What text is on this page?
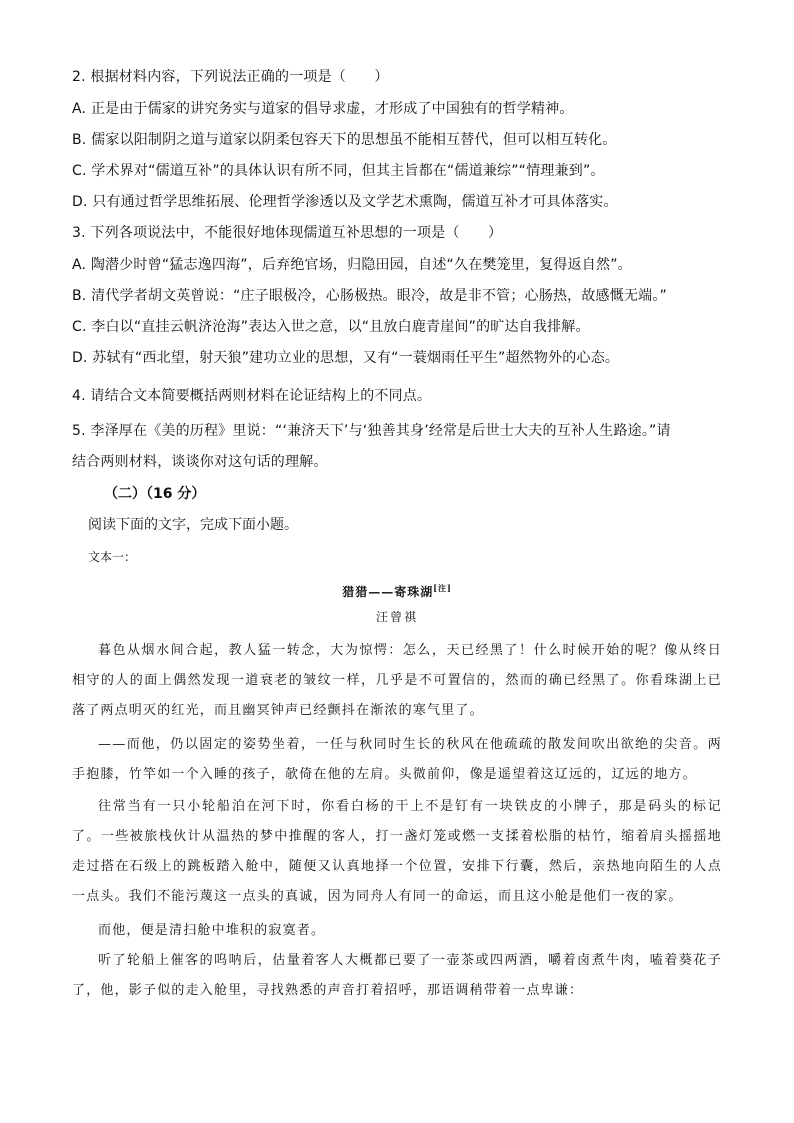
2. 根据材料内容，下列说法正确的一项是（　　）
A. 正是由于儒家的讲究务实与道家的倡导求虚，才形成了中国独有的哲学精神。
B. 儒家以阳制阴之道与道家以阴柔包容天下的思想虽不能相互替代，但可以相互转化。
C. 学术界对“儒道互补”的具体认识有所不同，但其主旨都在“儒道兼综”“情理兼到”。
D. 只有通过哲学思维拓展、伦理哲学渗透以及文学艺术熏陶，儒道互补才可具体落实。
3. 下列各项说法中，不能很好地体现儒道互补思想的一项是（　　）
A. 陶潜少时曾“猛志逸四海”，后弃绝官场，归隐田园，自述“久在樊笼里，复得返自然”。
B. 清代学者胡文英曾说：“庄子眼极冷，心肠极热。眼冷，故是非不管；心肠热，故感慨无端。”
C. 李白以“直挂云帆济沧海”表达入世之意，以“且放白鹿青崖间”的旷达自我排解。
D. 苏轼有“西北望，射天狼”建功立业的思想，又有“一蓑烟雨任平生”超然物外的心态。
4. 请结合文本简要概括两则材料在论证结构上的不同点。
5. 李泽厚在《美的历程》里说：“‘兼济天下’与‘独善其身’经常是后世士大夫的互补人生路途。”请
结合两则材料，谈谈你对这句话的理解。
（二）（16 分）
阅读下面的文字，完成下面小题。
文本一：
猎猎——寄珠湖[注]
汪曾祺

暮色从烟水间合起，教人猛一转念，大为惊愕：怎么，天已经黑了！什么时候开始的呢？像从终日相守的人的面上偶然发现一道衰老的皱纹一样，几乎是不可置信的，然而的确已经黑了。你看珠湖上已落了两点明灭的红光，而且幽冥钟声已经颤抖在渐浓的寒气里了。

——而他，仍以固定的姿势坐着，一任与秋同时生长的秋风在他疏疏的散发间吹出欲绝的尖音。两手抱膝，竹竿如一个入睡的孩子，欹倚在他的左肩。头微前仰，像是遥望着这辽远的，辽远的地方。

往常当有一只小轮船泊在河下时，你看白杨的干上不是钉有一块铁皮的小牌子，那是码头的标记了。一些被旅栈伙计从温热的梦中推醒的客人，打一盏灯笼或燃一支揉着松脂的枯竹，缩着肩头摇摇地走过搭在石级上的跳板踏入舱中，随便又认真地择一个位置，安排下行囊，然后，亲热地向陌生的人点一点头。我们不能污蔑这一点头的真诚，因为同舟人有同一的命运，而且这小舱是他们一夜的家。

而他，便是清扫舱中堆积的寂寞者。

听了轮船上催客的呜呐后，估量着客人大概都已要了一壶茶或四两酒，嚼着卤煮牛肉，嗑着葵花子了，他，影子似的走入舱里，寻找熟悉的声音打着招呼，那语调稍带着一点卑谦：
